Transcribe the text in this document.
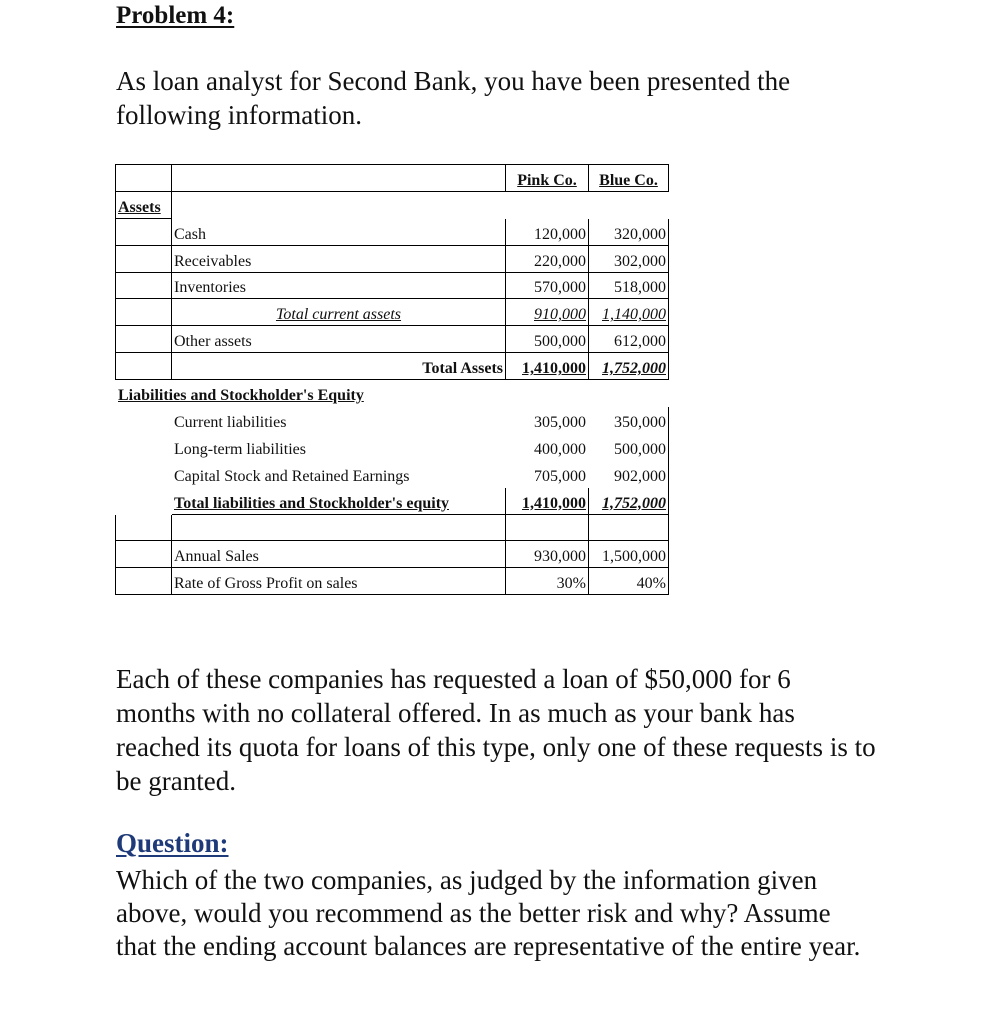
Problem 4:
As loan analyst for Second Bank, you have been presented the following information.
		Pink Co.	Blue Co.
Assets			
	Cash	120,000	320,000
	Receivables	220,000	302,000
	Inventories	570,000	518,000
	Total current assets	910,000	1,140,000
	Other assets	500,000	612,000
	Total Assets	1,410,000	1,752,000
Liabilities and Stockholder's Equity			
	Current liabilities	305,000	350,000
	Long-term liabilities	400,000	500,000
	Capital Stock and Retained Earnings	705,000	902,000
	Total liabilities and Stockholder's equity	1,410,000	1,752,000

	Annual Sales	930,000	1,500,000
	Rate of Gross Profit on sales	30%	40%
Each of these companies has requested a loan of $50,000 for 6 months with no collateral offered. In as much as your bank has reached its quota for loans of this type, only one of these requests is to be granted.
Question:
Which of the two companies, as judged by the information given above, would you recommend as the better risk and why? Assume that the ending account balances are representative of the entire year.
